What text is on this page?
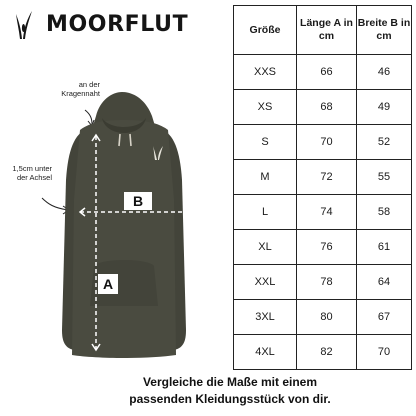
MOORFLUT
an der Kragennaht
1,5cm unter der Achsel
B
A
Größe	Länge A in cm	Breite B in cm
XXS	66	46
XS	68	49
S	70	52
M	72	55
L	74	58
XL	76	61
XXL	78	64
3XL	80	67
4XL	82	70
Vergleiche die Maße mit einem
passenden Kleidungsstück von dir.
